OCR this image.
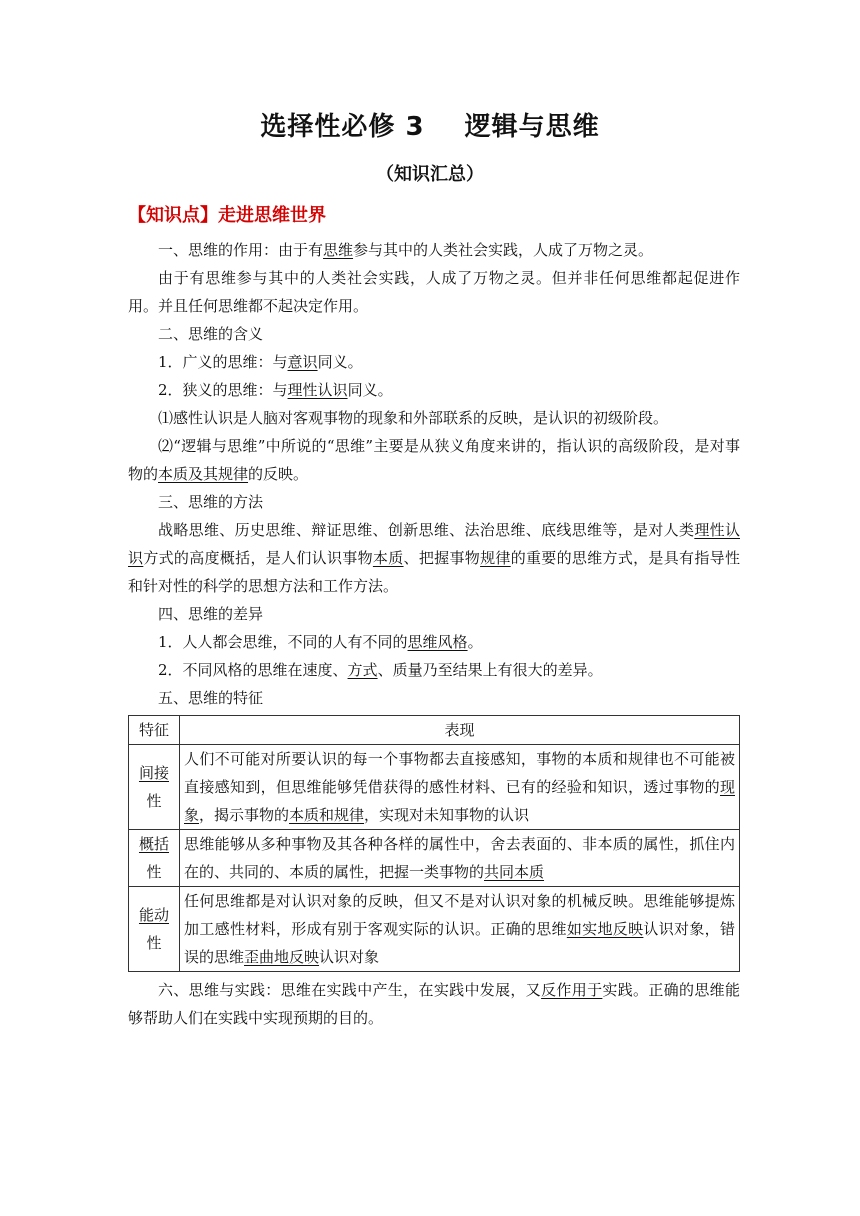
选择性必修 3 逻辑与思维
（知识汇总）
【知识点】走进思维世界

一、思维的作用：由于有思维参与其中的人类社会实践，人成了万物之灵。

由于有思维参与其中的人类社会实践，人成了万物之灵。但并非任何思维都起促进作用。并且任何思维都不起决定作用。

二、思维的含义

1．广义的思维：与意识同义。

2．狭义的思维：与理性认识同义。

⑴感性认识是人脑对客观事物的现象和外部联系的反映，是认识的初级阶段。

⑵“逻辑与思维”中所说的“思维”主要是从狭义角度来讲的，指认识的高级阶段，是对事物的本质及其规律的反映。

三、思维的方法

战略思维、历史思维、辩证思维、创新思维、法治思维、底线思维等，是对人类理性认识方式的高度概括，是人们认识事物本质、把握事物规律的重要的思维方式，是具有指导性和针对性的科学的思想方法和工作方法。

四、思维的差异

1．人人都会思维，不同的人有不同的思维风格。

2．不同风格的思维在速度、方式、质量乃至结果上有很大的差异。

五、思维的特征

特征	表现
间接
性	人们不可能对所要认识的每一个事物都去直接感知，事物的本质和规律也不可能被直接感知到，但思维能够凭借获得的感性材料、已有的经验和知识，透过事物的现象，揭示事物的本质和规律，实现对未知事物的认识
概括
性	思维能够从多种事物及其各种各样的属性中，舍去表面的、非本质的属性，抓住内在的、共同的、本质的属性，把握一类事物的共同本质
能动
性	任何思维都是对认识对象的反映，但又不是对认识对象的机械反映。思维能够提炼加工感性材料，形成有别于客观实际的认识。正确的思维如实地反映认识对象，错误的思维歪曲地反映认识对象

六、思维与实践：思维在实践中产生，在实践中发展，又反作用于实践。正确的思维能够帮助人们在实践中实现预期的目的。
